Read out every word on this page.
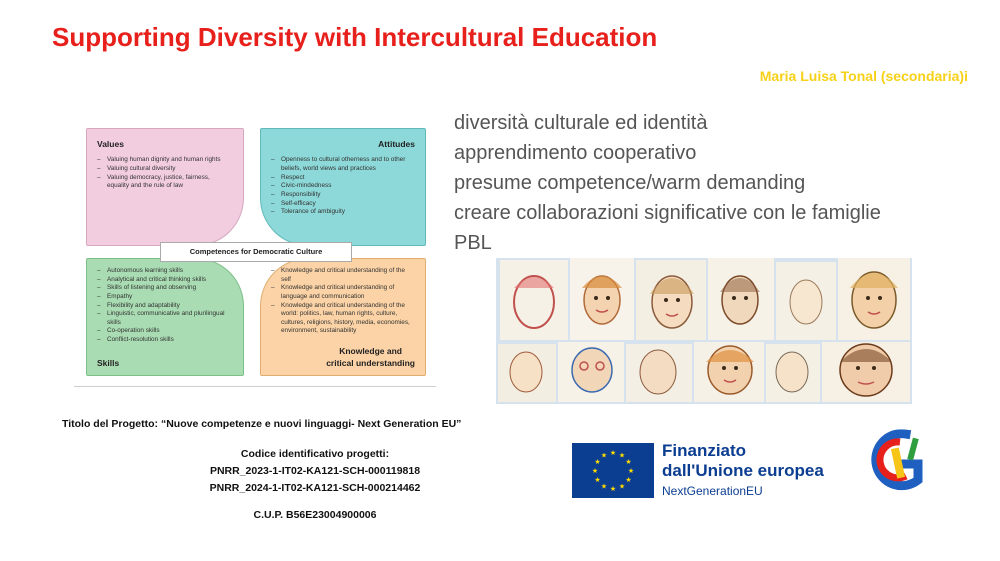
Supporting Diversity with Intercultural Education
Maria Luisa Tonal (secondaria)i
diversità culturale ed identità
apprendimento cooperativo
presume competence/warm demanding
creare collaborazioni significative con le famiglie
PBL
Values
– Valuing human dignity and human rights
– Valuing cultural diversity
– Valuing democracy, justice, fairness, equality and the rule of law
Attitudes
– Openness to cultural otherness and to other beliefs, world views and practices
– Respect
– Civic-mindedness
– Responsibility
– Self-efficacy
– Tolerance of ambiguity
– Autonomous learning skills
– Analytical and critical thinking skills
– Skills of listening and observing
– Empathy
– Flexibility and adaptability
– Linguistic, communicative and plurilingual skills
– Co-operation skills
– Conflict-resolution skills
Skills
– Knowledge and critical understanding of the self
– Knowledge and critical understanding of language and communication
– Knowledge and critical understanding of the world: politics, law, human rights, culture, cultures, religions, history, media, economies, environment, sustainability
Knowledge and
critical understanding
Competences for Democratic Culture
Titolo del Progetto: “Nuove competenze e nuovi linguaggi- Next Generation EU”
Codice identificativo progetti:
PNRR_2023-1-IT02-KA121-SCH-000119818
PNRR_2024-1-IT02-KA121-SCH-000214462
C.U.P. B56E23004900006
★ ★
★
★
★
★
★
★
★
★
★
★	Finanziato
dall'Unione europea
NextGenerationEU
